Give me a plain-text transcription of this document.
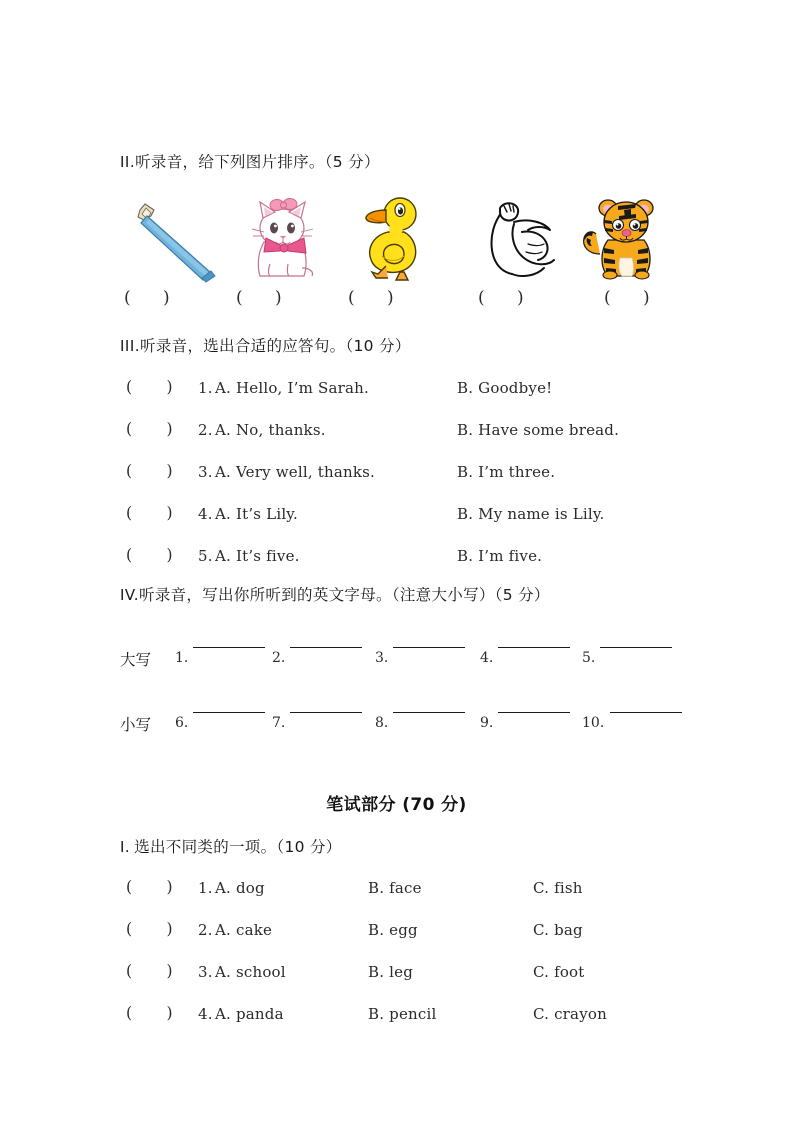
II.听录音，给下列图片排序。（5 分）
(      )	(      )	(      )	(      )	(      )
III.听录音，选出合适的应答句。（10 分）
(       ) 1. A. Hello, I’m Sarah.	B. Goodbye!
(       ) 2. A. No, thanks.	B. Have some bread.
(       ) 3. A. Very well, thanks.	B. I’m three.
(       ) 4. A. It’s Lily.	B. My name is Lily.
(       ) 5. A. It’s five.	B. I’m five.
IV.听录音，写出你所听到的英文字母。（注意大小写）（5 分）
大写 1.	2.	3.	4.	5.
小写 6.	7.	8.	9.	10.
笔试部分 (70 分)
I. 选出不同类的一项。（10 分）
(       ) 1. A. dog	B. face	C. fish
(       ) 2. A. cake	B. egg	C. bag
(       ) 3. A. school	B. leg	C. foot
(       ) 4. A. panda	B. pencil	C. crayon
